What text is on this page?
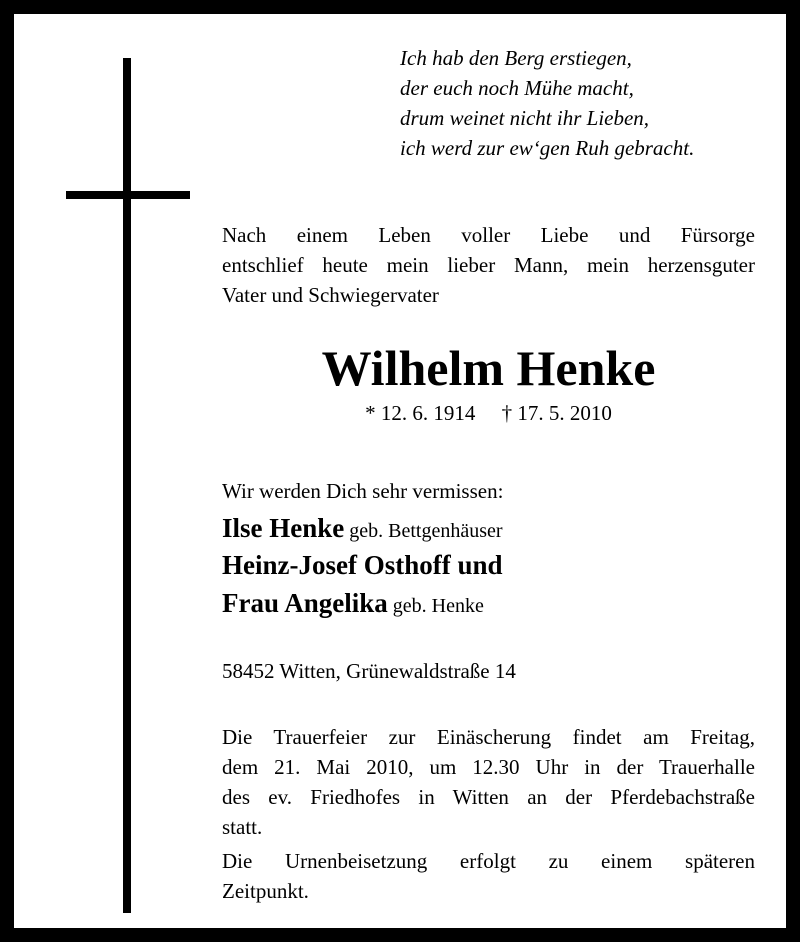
Ich hab den Berg erstiegen,
der euch noch Mühe macht,
drum weinet nicht ihr Lieben,
ich werd zur ew‘gen Ruh gebracht.
Nach einem Leben voller Liebe und Fürsorge
entschlief heute mein lieber Mann, mein herzensguter
Vater und Schwiegervater
Wilhelm Henke
* 12. 6. 1914     † 17. 5. 2010
Wir werden Dich sehr vermissen:
Ilse Henke geb. Bettgenhäuser
Heinz-Josef Osthoff und
Frau Angelika geb. Henke
58452 Witten, Grünewaldstraße 14
Die Trauerfeier zur Einäscherung findet am Freitag,
dem 21. Mai 2010, um 12.30 Uhr in der Trauerhalle
des ev. Friedhofes in Witten an der Pferdebachstraße
statt.
Die Urnenbeisetzung erfolgt zu einem späteren
Zeitpunkt.
